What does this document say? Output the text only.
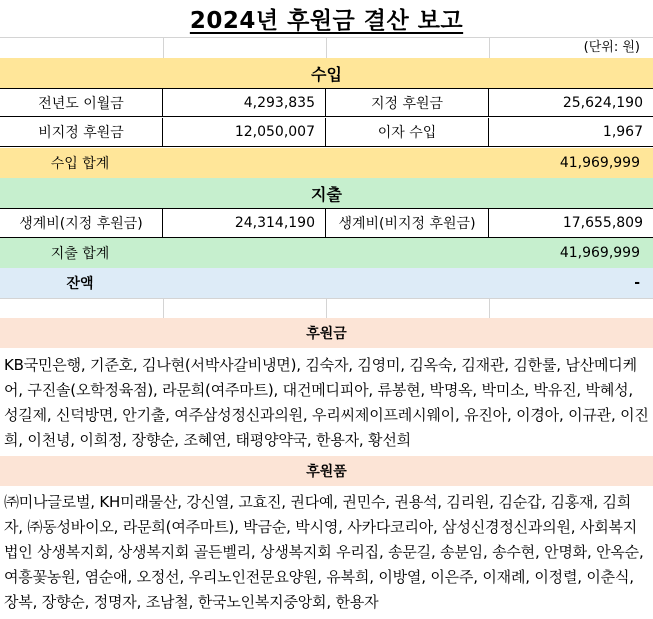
2024년 후원금 결산 보고
(단위: 원)
수입
전년도 이월금	4,293,835	지정 후원금	25,624,190
비지정 후원금	12,050,007	이자 수입	1,967
수입 합계	41,969,999
지출
생계비(지정 후원금)	24,314,190	생계비(비지정 후원금)	17,655,809
지출 합계	41,969,999
잔액	-
후원금
KB국민은행, 기준호, 김나현(서박사갈비냉면), 김숙자, 김영미, 김옥숙, 김재관, 김한룰, 남산메디케어, 구진솔(오학정육점), 라문희(여주마트), 대건메디피아, 류봉현, 박명옥, 박미소, 박유진, 박혜성, 성길제, 신덕방면, 안기출, 여주삼성정신과의원, 우리씨제이프레시웨이, 유진아, 이경아, 이규관, 이진희, 이천녕, 이희정, 장향순, 조혜연, 태평양약국, 한용자, 황선희
후원품
㈜미나글로벌, KH미래물산, 강신열, 고효진, 권다예, 권민수, 권용석, 김리원, 김순갑, 김홍재, 김희자, ㈜동성바이오, 라문희(여주마트), 박금순, 박시영, 사카다코리아, 삼성신경정신과의원, 사회복지법인 상생복지회, 상생복지회 골든벨리, 상생복지회 우리집, 송문길, 송분임, 송수현, 안명화, 안옥순, 여흥꽃농원, 염순애, 오정선, 우리노인전문요양원, 유복희, 이방열, 이은주, 이재례, 이정렬, 이춘식, 장복, 장향순, 정명자, 조남철, 한국노인복지중앙회, 한용자
